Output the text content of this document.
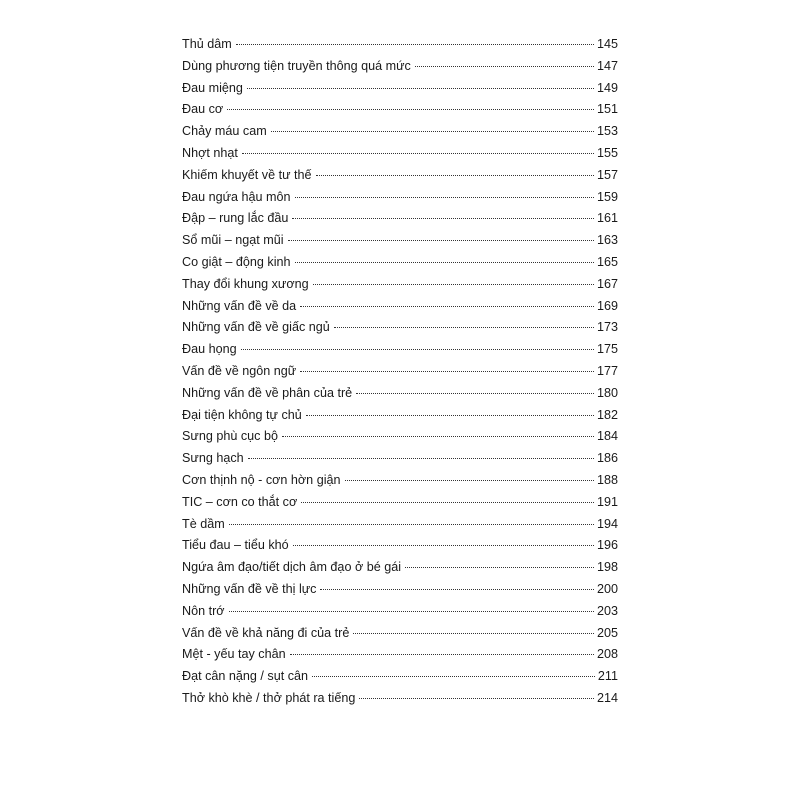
Thủ dâm	145
Dùng phương tiện truyền thông quá mức	147
Đau miệng	149
Đau cơ	151
Chảy máu cam	153
Nhợt nhạt	155
Khiếm khuyết về tư thế	157
Đau ngứa hậu môn	159
Đập – rung lắc đầu	161
Sổ mũi – ngạt mũi	163
Co giật – động kinh	165
Thay đổi khung xương	167
Những vấn đề về da	169
Những vấn đề về giấc ngủ	173
Đau họng	175
Vấn đề về ngôn ngữ	177
Những vấn đề về phân của trẻ	180
Đại tiện không tự chủ	182
Sưng phù cục bộ	184
Sưng hạch	186
Cơn thịnh nộ - cơn hờn giận	188
TIC – cơn co thắt cơ	191
Tè dầm	194
Tiểu đau – tiểu khó	196
Ngứa âm đạo/tiết dịch âm đạo ở bé gái	198
Những vấn đề về thị lực	200
Nôn trớ	203
Vấn đề về khả năng đi của trẻ	205
Mệt - yếu tay chân	208
Đạt cân nặng / sụt cân	211
Thở khò khè / thở phát ra tiếng	214
